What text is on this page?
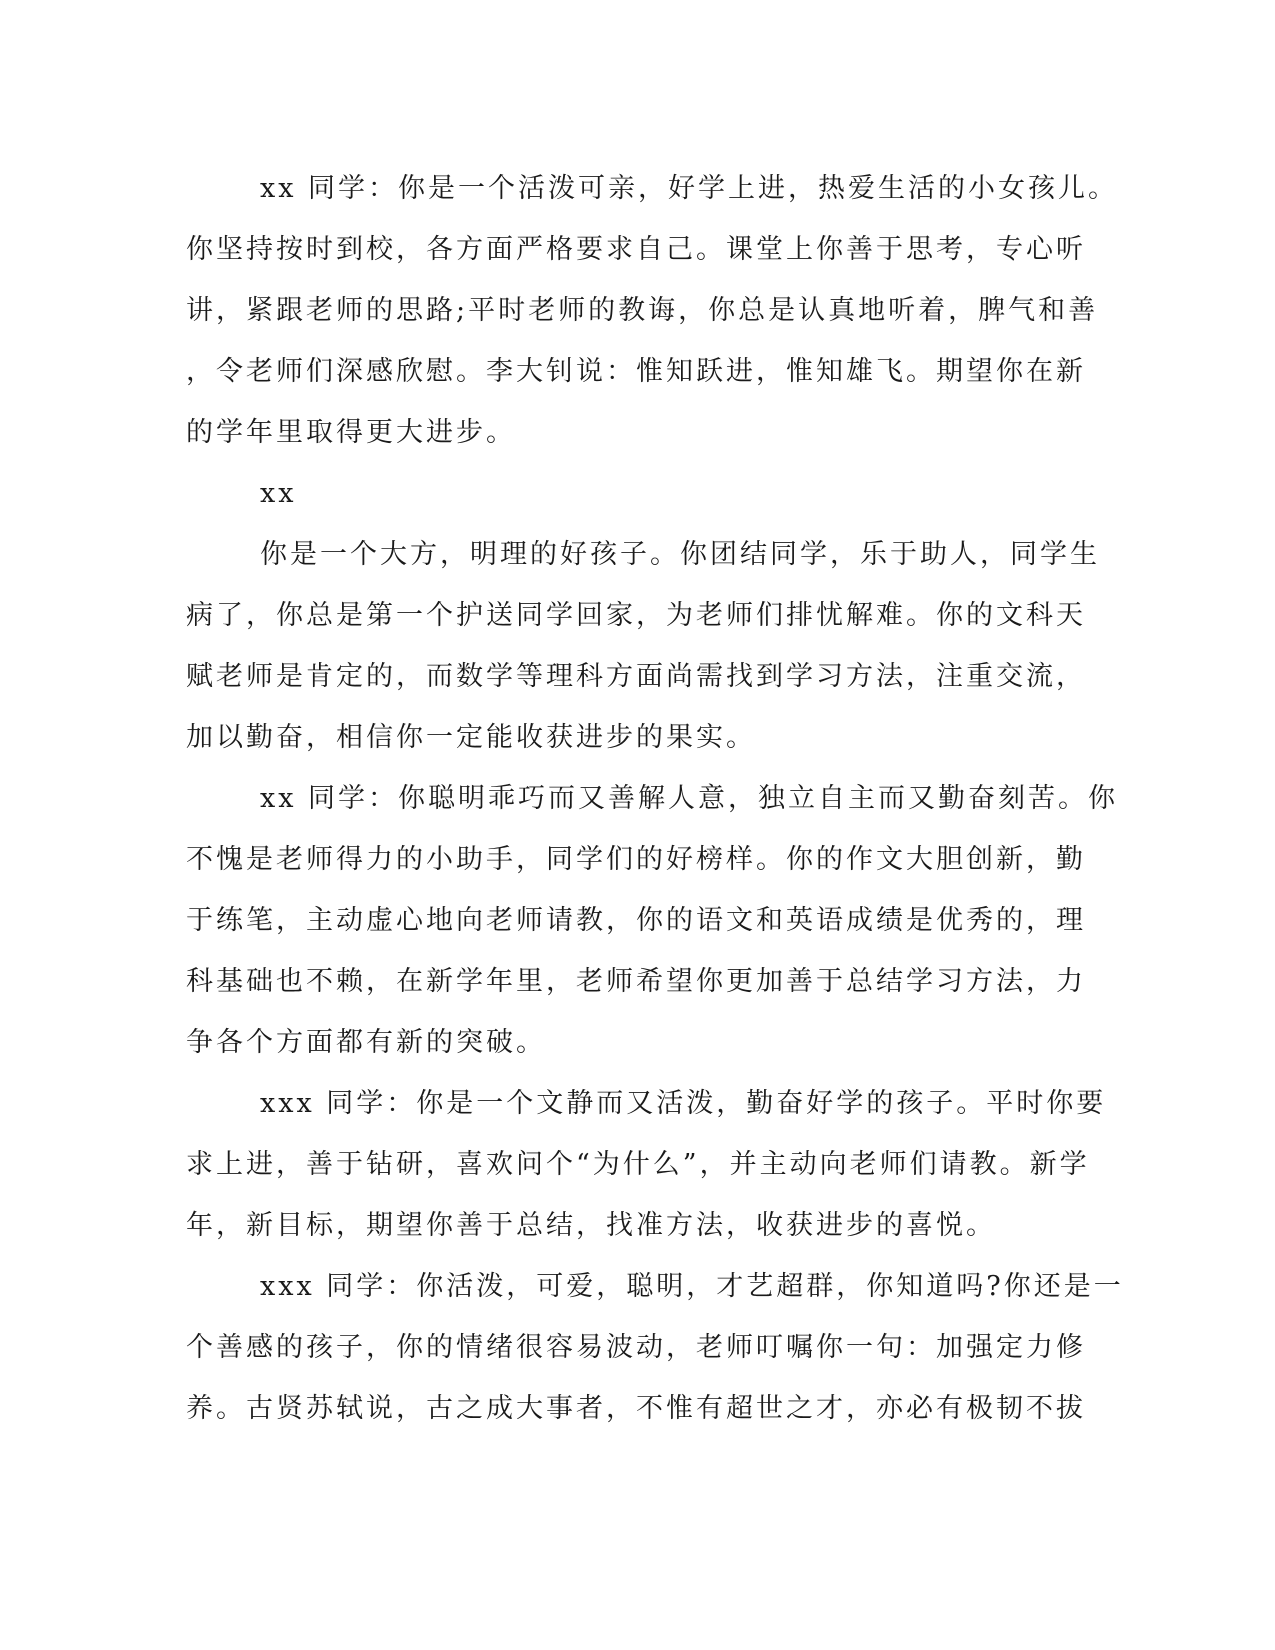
xx 同学：你是一个活泼可亲，好学上进，热爱生活的小女孩儿。
你坚持按时到校，各方面严格要求自己。课堂上你善于思考，专心听
讲，紧跟老师的思路;平时老师的教诲，你总是认真地听着，脾气和善
，令老师们深感欣慰。李大钊说：惟知跃进，惟知雄飞。期望你在新
的学年里取得更大进步。
xx
你是一个大方，明理的好孩子。你团结同学，乐于助人，同学生
病了，你总是第一个护送同学回家，为老师们排忧解难。你的文科天
赋老师是肯定的，而数学等理科方面尚需找到学习方法，注重交流，
加以勤奋，相信你一定能收获进步的果实。
xx 同学：你聪明乖巧而又善解人意，独立自主而又勤奋刻苦。你
不愧是老师得力的小助手，同学们的好榜样。你的作文大胆创新，勤
于练笔，主动虚心地向老师请教，你的语文和英语成绩是优秀的，理
科基础也不赖，在新学年里，老师希望你更加善于总结学习方法，力
争各个方面都有新的突破。
xxx 同学：你是一个文静而又活泼，勤奋好学的孩子。平时你要
求上进，善于钻研，喜欢问个“为什么”，并主动向老师们请教。新学
年，新目标，期望你善于总结，找准方法，收获进步的喜悦。
xxx 同学：你活泼，可爱，聪明，才艺超群，你知道吗?你还是一
个善感的孩子，你的情绪很容易波动，老师叮嘱你一句：加强定力修
养。古贤苏轼说，古之成大事者，不惟有超世之才，亦必有极韧不拔
